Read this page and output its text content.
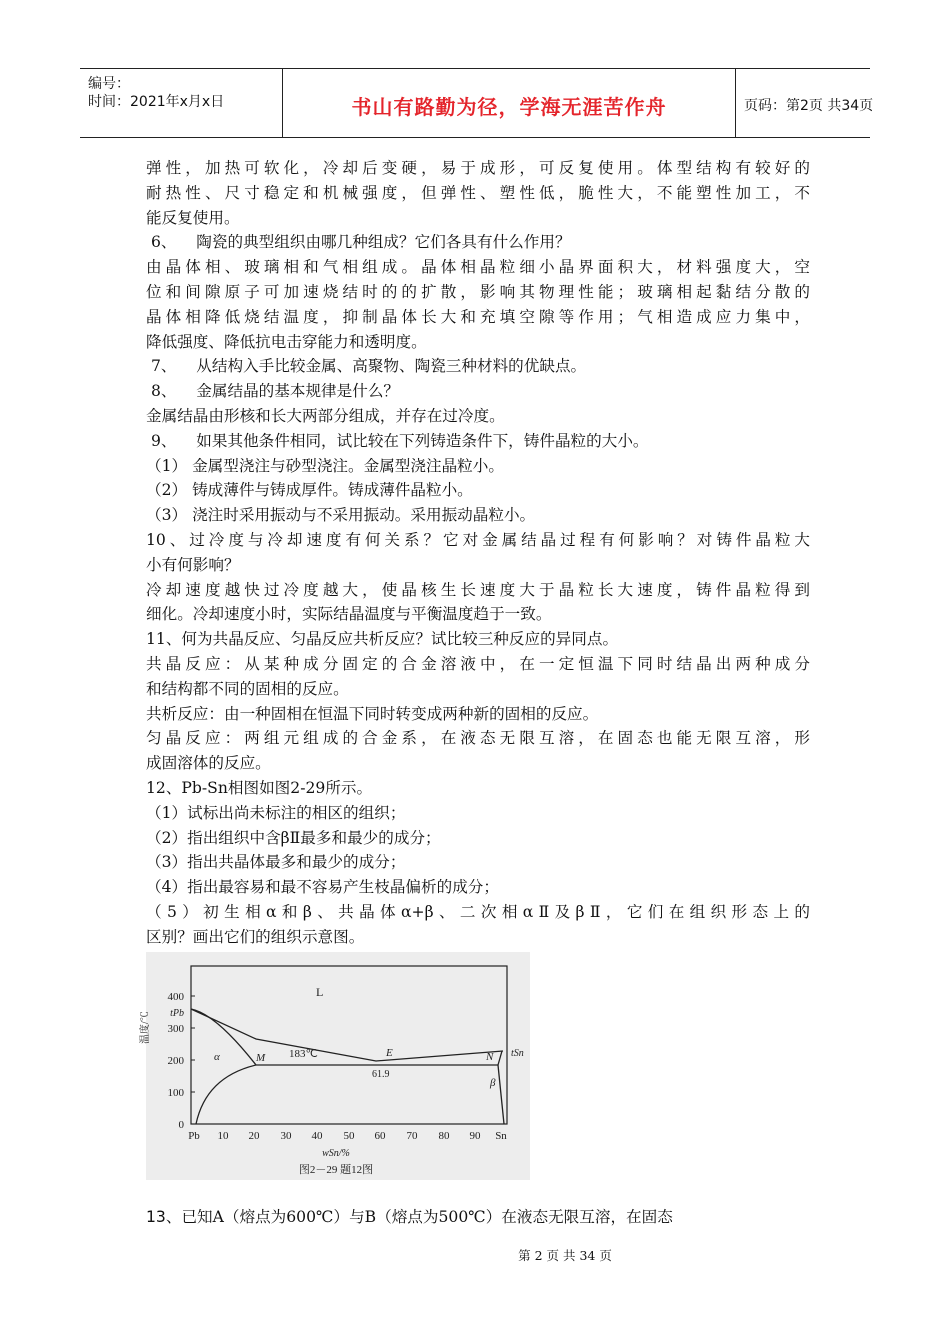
编号：
时间：2021年x月x日	书山有路勤为径，学海无涯苦作舟	页码：第2页 共34页
弹性，加热可软化，冷却后变硬，易于成形，可反复使用。体型结构有较好的
耐热性、尺寸稳定和机械强度，但弹性、塑性低，脆性大，不能塑性加工，不
能反复使用。
6、    陶瓷的典型组织由哪几种组成？它们各具有什么作用？
由晶体相、玻璃相和气相组成。晶体相晶粒细小晶界面积大，材料强度大，空
位和间隙原子可加速烧结时的的扩散，影响其物理性能；玻璃相起黏结分散的
晶体相降低烧结温度，抑制晶体长大和充填空隙等作用；气相造成应力集中，
降低强度、降低抗电击穿能力和透明度。
7、    从结构入手比较金属、高聚物、陶瓷三种材料的优缺点。
8、    金属结晶的基本规律是什么？
金属结晶由形核和长大两部分组成，并存在过冷度。
9、    如果其他条件相同，试比较在下列铸造条件下，铸件晶粒的大小。
（1） 金属型浇注与砂型浇注。金属型浇注晶粒小。
（2） 铸成薄件与铸成厚件。铸成薄件晶粒小。
（3） 浇注时采用振动与不采用振动。采用振动晶粒小。
10、过冷度与冷却速度有何关系？它对金属结晶过程有何影响？对铸件晶粒大
小有何影响？
冷却速度越快过冷度越大，使晶核生长速度大于晶粒长大速度，铸件晶粒得到
细化。冷却速度小时，实际结晶温度与平衡温度趋于一致。
11、何为共晶反应、匀晶反应共析反应？试比较三种反应的异同点。
共晶反应：从某种成分固定的合金溶液中，在一定恒温下同时结晶出两种成分
和结构都不同的固相的反应。
共析反应：由一种固相在恒温下同时转变成两种新的固相的反应。
匀晶反应：两组元组成的合金系，在液态无限互溶，在固态也能无限互溶，形
成固溶体的反应。
12、Pb-Sn相图如图2-29所示。
（1）试标出尚未标注的相区的组织；
（2）指出组织中含βⅡ最多和最少的成分；
（3）指出共晶体最多和最少的成分；
（4）指出最容易和最不容易产生枝晶偏析的成分；
（5）初生相α和β、共晶体α+β、二次相αⅡ及βⅡ，它们在组织形态上的
区别？画出它们的组织示意图。
400
300
200
100
0
tPb
温度/℃
Pb 10 20 30 40 50 60 70 80 90 Sn
wSn/%
L
α	M 183℃	E
61.9
N tSn
β
图2－29 题12图
13、已知A（熔点为600℃）与B（熔点为500℃）在液态无限互溶，在固态
第 2 页 共 34 页
